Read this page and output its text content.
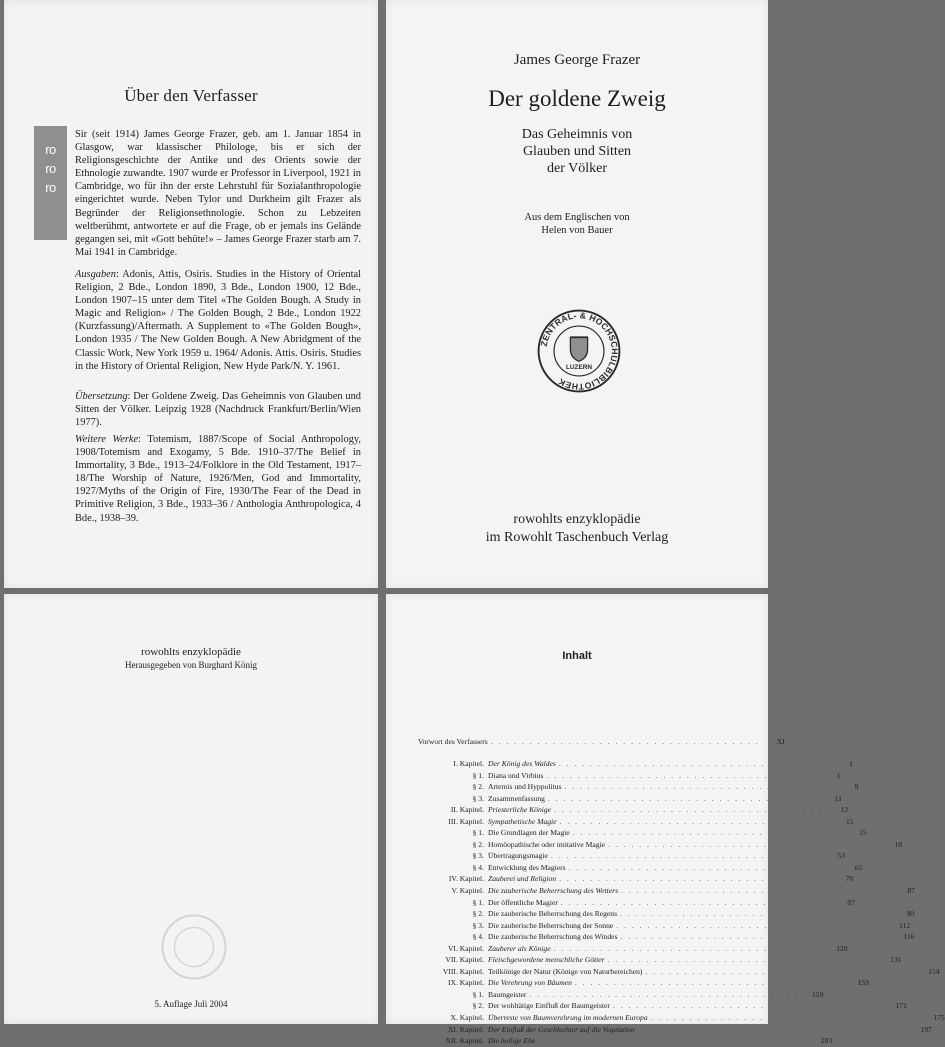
Über den Verfasser
ro
ro
ro

Sir (seit 1914) James George Frazer, geb. am 1. Januar 1854 in Glasgow, war klassischer Philologe, bis er sich der Religionsgeschichte der Antike und des Orients sowie der Ethnologie zuwandte. 1907 wurde er Professor in Liverpool, 1921 in Cambridge, wo für ihn der erste Lehrstuhl für Sozialanthropologie eingerichtet wurde. Neben Tylor und Durkheim gilt Frazer als Begründer der Religionsethnologie. Schon zu Lebzeiten weltberühmt, antwortete er auf die Frage, ob er jemals ins Gelände gegangen sei, mit «Gott behüte!» – James George Frazer starb am 7. Mai 1941 in Cambridge.

Ausgaben: Adonis, Attis, Osiris. Studies in the History of Oriental Religion, 2 Bde., London 1890, 3 Bde., London 1900, 12 Bde., London 1907–15 unter dem Titel «The Golden Bough. A Study in Magic and Religion» / The Golden Bough, 2 Bde., London 1922 (Kurzfassung)/Aftermath. A Supplement to «The Golden Bough», London 1935 / The New Golden Bough. A New Abridgment of the Classic Work, New York 1959 u. 1964/ Adonis. Attis. Osiris. Studies in the History of Oriental Religion, New Hyde Park/N. Y. 1961.

Übersetzung: Der Goldene Zweig. Das Geheimnis von Glauben und Sitten der Völker. Leipzig 1928 (Nachdruck Frankfurt/Berlin/Wien 1977).

Weitere Werke: Totemism, 1887/Scope of Social Anthropology, 1908/Totemism and Exogamy, 5 Bde. 1910–37/The Belief in Immortality, 3 Bde., 1913–24/Folklore in the Old Testament, 1917–18/The Worship of Nature, 1926/Men, God and Immortality, 1927/Myths of the Origin of Fire, 1930/The Fear of the Dead in Primitive Religion, 3 Bde., 1933–36 / Anthologia Anthropologica, 4 Bde., 1938–39.

James George Frazer
Der goldene Zweig
Das Geheimnis von
Glauben und Sitten
der Völker
Aus dem Englischen von
Helen von Bauer
ZENTRAL- & HOCHSCHULBIBLIOTHEK
LUZERN
rowohlts enzyklopädie
im Rowohlt Taschenbuch Verlag
rowohlts enzyklopädie
Herausgegeben von Burghard König
5. Auflage Juli 2004
Inhalt
Vorwort des Verfassers . . . . . . . . . . . . . . . . . . . . . . . . . . . . . . . . . . .	XI
I. Kapitel. Der König des Waldes . . . . . . . . . . . . . . . . . . . . . . . . . . . . . . . . . . .	1
§ 1. Diana und Virbius . . . . . . . . . . . . . . . . . . . . . . . . . . . . . . . . . . .	1
§ 2. Artemis und Hyppolitus . . . . . . . . . . . . . . . . . . . . . . . . . . . . . . . . . . .	9
§ 3. Zusammenfassung . . . . . . . . . . . . . . . . . . . . . . . . . . . . . . . . . . .	11
II. Kapitel. Priesterliche Könige . . . . . . . . . . . . . . . . . . . . . . . . . . . . . . . . . . .	12
III. Kapitel. Sympathetische Magie . . . . . . . . . . . . . . . . . . . . . . . . . . . . . . . . . . .	15
§ 1. Die Grundlagen der Magie . . . . . . . . . . . . . . . . . . . . . . . . . . . . . . . . . . .	15
§ 2. Homöopathische oder imitative Magie . . . . . . . . . . . . . . . . . . . . . . . . . . . . . . . . . . .	18
§ 3. Übertragungsmagie . . . . . . . . . . . . . . . . . . . . . . . . . . . . . . . . . . .	53
§ 4. Entwicklung des Magiers . . . . . . . . . . . . . . . . . . . . . . . . . . . . . . . . . . .	65
IV. Kapitel. Zauberei und Religion . . . . . . . . . . . . . . . . . . . . . . . . . . . . . . . . . . .	70
V. Kapitel. Die zauberische Beherrschung des Wetters . . . . . . . . . . . . . . . . . . . . . . . . . . . . . . . . . . .	87
§ 1. Der öffentliche Magier . . . . . . . . . . . . . . . . . . . . . . . . . . . . . . . . . . .	87
§ 2. Die zauberische Beherrschung des Regens . . . . . . . . . . . . . . . . . . . . . . . . . . . . . . . . . . .	90
§ 3. Die zauberische Beherrschung der Sonne . . . . . . . . . . . . . . . . . . . . . . . . . . . . . . . . . . .	112
§ 4. Die zauberische Beherrschung des Windes . . . . . . . . . . . . . . . . . . . . . . . . . . . . . . . . . . .	116
VI. Kapitel. Zauberer als Könige . . . . . . . . . . . . . . . . . . . . . . . . . . . . . . . . . . .	120
VII. Kapitel. Fleischgewordene menschliche Götter . . . . . . . . . . . . . . . . . . . . . . . . . . . . . . . . . . .	131
VIII. Kapitel. Teilkönige der Natur (Könige von Naturbereichen) . . . . . . . . . . . . . . . . . . . . . . . . . . . . . . . . . . .	154
IX. Kapitel. Die Verehrung von Bäumen . . . . . . . . . . . . . . . . . . . . . . . . . . . . . . . . . . .	159
§ 1. Baumgeister . . . . . . . . . . . . . . . . . . . . . . . . . . . . . . . . . . .	159
§ 2. Der wohltätige Einfluß der Baumgeister . . . . . . . . . . . . . . . . . . . . . . . . . . . . . . . . . . .	171
X. Kapitel. Überreste von Baumverehrung im modernen Europa . . . . . . . . . . . . . . . . . . . . . . . . . . . . . . . . . . .	175
XI. Kapitel. Der Einfluß der Geschlechter auf die Vegetation . . . . . . . . . . . . . . . . . . . . . . . . . . . . . . . . . . .	197
XII. Kapitel. Die heilige Ehe . . . . . . . . . . . . . . . . . . . . . . . . . . . . . . . . . . .	203
